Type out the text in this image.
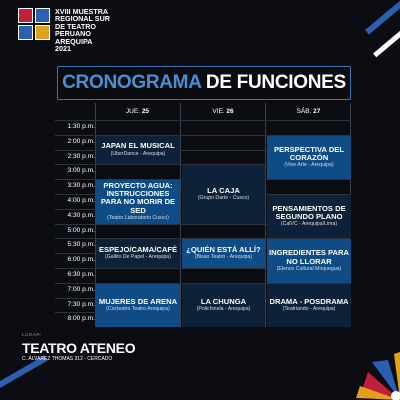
XVIII MUESTRA
REGIONAL SUR
DE TEATRO
PERUANO
AREQUIPA
2021
CRONOGRAMA DE FUNCIONES
JUE. 25	VIE. 26	SÁB. 27
1:30 p.m.
2:00 p.m.
2:30 p.m.
3:00 p.m.
3:30 p.m.
4:00 p.m.
4:30 p.m.
5:00 p.m.
5:30 p.m.
6:00 p.m.
6:30 p.m.
7:00 p.m.
7:30 p.m.
8:00 p.m.
JAPAN EL MUSICAL
(UberDance - Arequipa)
PROYECTO AGUA: INSTRUCCIONES PARA NO MORIR DE SED
(Teatro Laboratorio Cusco)
ESPEJO/CAMA/CAFÉ
(Gallito De Papel - Arequipa)
MUJERES DE ARENA
(Cocteatro Teatro Arequipa)
LA CAJA
(Grupo Darte - Cusco)
¿QUIÉN ESTÁ ALLÍ?
(Bisao Teatro - Arequipa)
LA CHUNGA
(Polichinela - Arequipa)
PERSPECTIVA DEL CORAZÓN
(Vive Arte - Arequipa)
PENSAMIENTOS DE SEGUNDO PLANO
(CalVC - Arequipa/Lima)
INGREDIENTES PARA NO LLORAR
(Elenco Cultural Moquegua)
DRAMA - POSDRAMA
(Teatriando - Arequipa)
LUGAR:
TEATRO ATENEO
C. ÁLVAREZ THOMAS 312 - CERCADO
